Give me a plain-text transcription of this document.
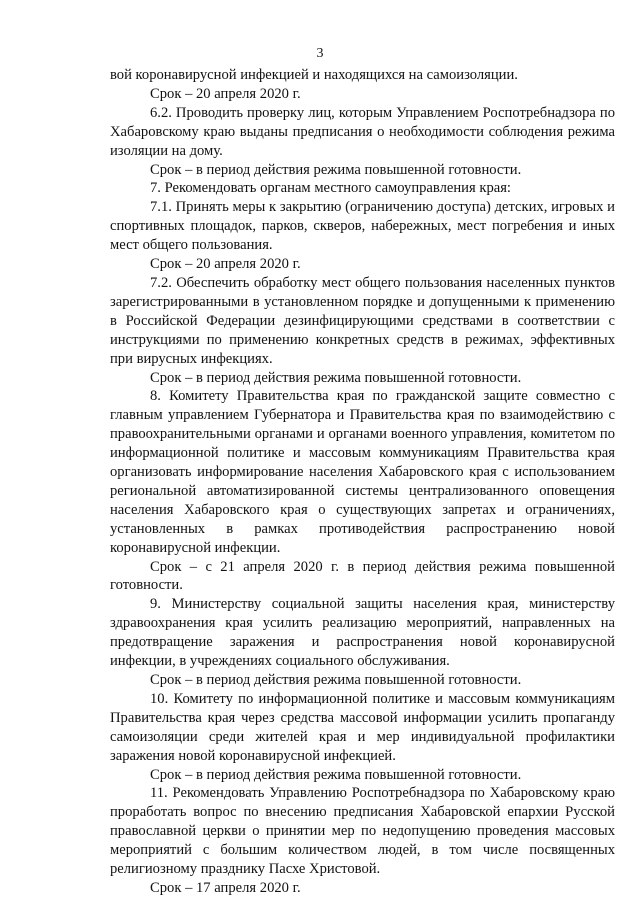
3

вой коронавирусной инфекцией и находящихся на самоизоляции.

Срок – 20 апреля 2020 г.

6.2. Проводить проверку лиц, которым Управлением Роспотребнадзора по Хабаровскому краю выданы предписания о необходимости соблюдения режима изоляции на дому.

Срок – в период действия режима повышенной готовности.

7. Рекомендовать органам местного самоуправления края:

7.1. Принять меры к закрытию (ограничению доступа) детских, игровых и спортивных площадок, парков, скверов, набережных, мест погребения и иных мест общего пользования.

Срок – 20 апреля 2020 г.

7.2. Обеспечить обработку мест общего пользования населенных пунктов зарегистрированными в установленном порядке и допущенными к применению в Российской Федерации дезинфицирующими средствами в соответствии с инструкциями по применению конкретных средств в режимах, эффективных при вирусных инфекциях.

Срок – в период действия режима повышенной готовности.

8. Комитету Правительства края по гражданской защите совместно с главным управлением Губернатора и Правительства края по взаимодействию с правоохранительными органами и органами военного управления, комитетом по информационной политике и массовым коммуникациям Правительства края организовать информирование населения Хабаровского края с использованием региональной автоматизированной системы централизованного оповещения населения Хабаровского края о существующих запретах и ограничениях, установленных в рамках противодействия распространению новой коронавирусной инфекции.

Срок – с 21 апреля 2020 г. в период действия режима повышенной готовности.

9. Министерству социальной защиты населения края, министерству здравоохранения края усилить реализацию мероприятий, направленных на предотвращение заражения и распространения новой коронавирусной инфекции, в учреждениях социального обслуживания.

Срок – в период действия режима повышенной готовности.

10. Комитету по информационной политике и массовым коммуникациям Правительства края через средства массовой информации усилить пропаганду самоизоляции среди жителей края и мер индивидуальной профилактики заражения новой коронавирусной инфекцией.

Срок – в период действия режима повышенной готовности.

11. Рекомендовать Управлению Роспотребнадзора по Хабаровскому краю проработать вопрос по внесению предписания Хабаровской епархии Русской православной церкви о принятии мер по недопущению проведения массовых мероприятий с большим количеством людей, в том числе посвященных религиозному празднику Пасхе Христовой.

Срок – 17 апреля 2020 г.
